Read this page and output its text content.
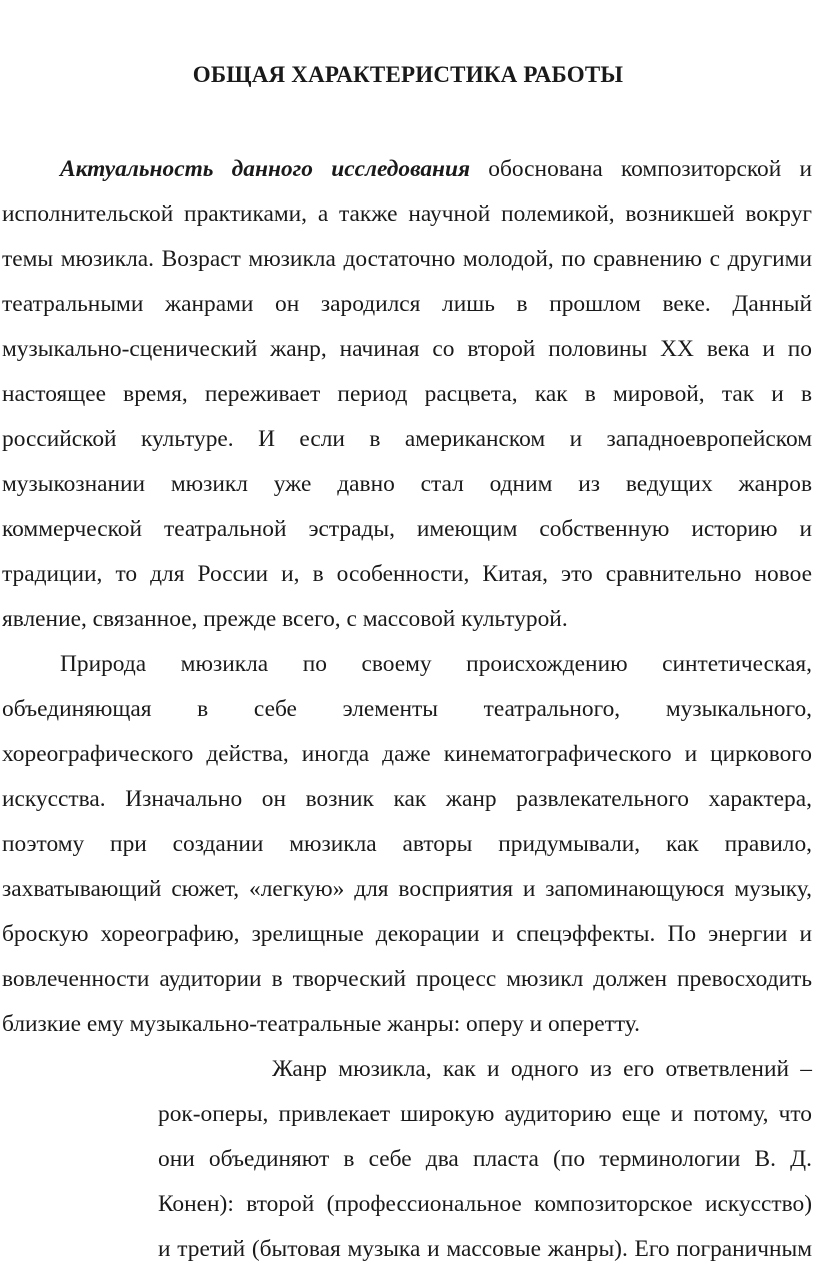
ОБЩАЯ ХАРАКТЕРИСТИКА РАБОТЫ
Актуальность данного исследования обоснована композиторской и
исполнительской практиками, а также научной полемикой, возникшей вокруг
темы мюзикла. Возраст мюзикла достаточно молодой, по сравнению с другими
театральными жанрами он зародился лишь в прошлом веке. Данный
музыкально-сценический жанр, начиная со второй половины XX века и по
настоящее время, переживает период расцвета, как в мировой, так и в
российской культуре. И если в американском и западноевропейском
музыкознании мюзикл уже давно стал одним из ведущих жанров
коммерческой театральной эстрады, имеющим собственную историю и
традиции, то для России и, в особенности, Китая, это сравнительно новое
явление, связанное, прежде всего, с массовой культурой.
Природа мюзикла по своему происхождению синтетическая,
объединяющая в себе элементы театрального, музыкального,
хореографического действа, иногда даже кинематографического и циркового
искусства. Изначально он возник как жанр развлекательного характера,
поэтому при создании мюзикла авторы придумывали, как правило,
захватывающий сюжет, «легкую» для восприятия и запоминающуюся музыку,
броскую хореографию, зрелищные декорации и спецэффекты. По энергии и
вовлеченности аудитории в творческий процесс мюзикл должен превосходить
близкие ему музыкально-театральные жанры: оперу и оперетту.
Жанр мюзикла, как и одного из его ответвлений –
рок-оперы, привлекает широкую аудиторию еще и потому, что
они объединяют в себе два пласта (по терминологии В. Д.
Конен): второй (профессиональное композиторское искусство)
и третий (бытовая музыка и массовые жанры). Его пограничным
